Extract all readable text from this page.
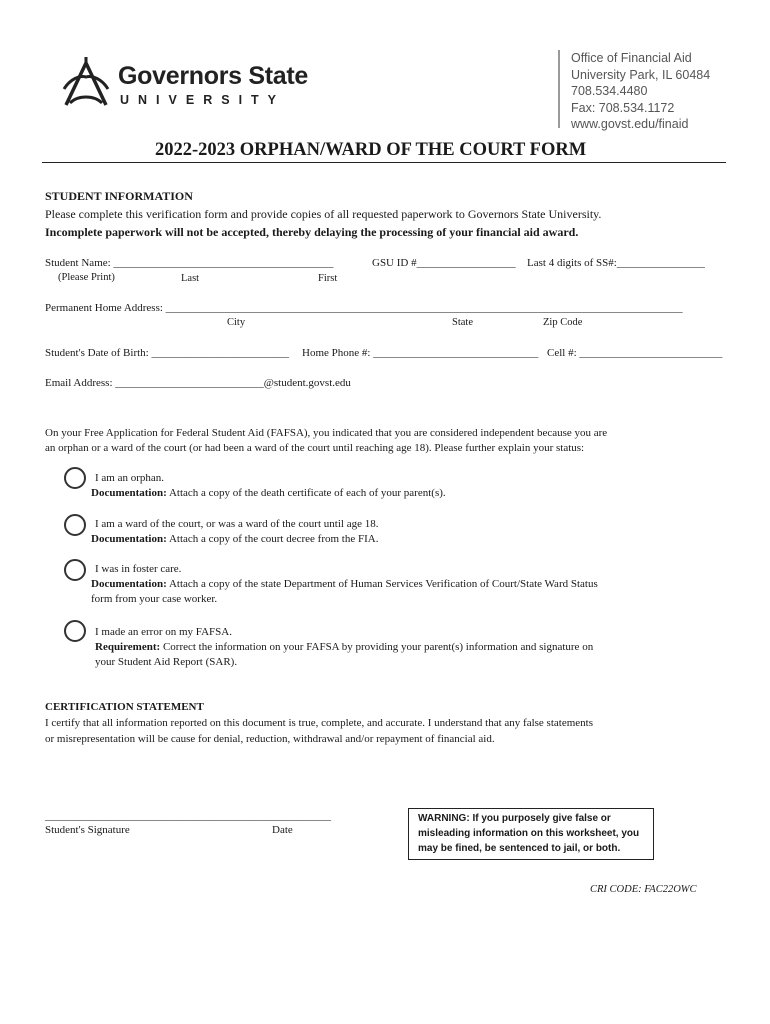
Governors State
UNIVERSITY
Office of Financial Aid
University Park, IL 60484
708.534.4480
Fax: 708.534.1172
www.govst.edu/finaid
2022-2023 ORPHAN/WARD OF THE COURT FORM
STUDENT INFORMATION
Please complete this verification form and provide copies of all requested paperwork to Governors State University.
Incomplete paperwork will not be accepted, thereby delaying the processing of your financial aid award.
Student Name: ________________________________________	GSU ID #__________________ Last 4 digits of SS#:________________
(Please Print)	Last	First
Permanent Home Address: ______________________________________________________________________________________________
City	State	Zip Code
Student's Date of Birth: _________________________ Home Phone #: ______________________________ Cell #: __________________________
Email Address: ___________________________@student.govst.edu
On your Free Application for Federal Student Aid (FAFSA), you indicated that you are considered independent because you are
an orphan or a ward of the court (or had been a ward of the court until reaching age 18). Please further explain your status:
I am an orphan.
Documentation: Attach a copy of the death certificate of each of your parent(s).
I am a ward of the court, or was a ward of the court until age 18.
Documentation: Attach a copy of the court decree from the FIA.
I was in foster care.
Documentation: Attach a copy of the state Department of Human Services Verification of Court/State Ward Status
form from your case worker.
I made an error on my FAFSA.
Requirement: Correct the information on your FAFSA by providing your parent(s) information and signature on
your Student Aid Report (SAR).
CERTIFICATION STATEMENT
I certify that all information reported on this document is true, complete, and accurate. I understand that any false statements
or misrepresentation will be cause for denial, reduction, withdrawal and/or repayment of financial aid.
____________________________________________________
Student's Signature	Date
WARNING: If you purposely give false or misleading information on this worksheet, you may be fined, be sentenced to jail, or both.
CRI CODE: FAC22OWC
